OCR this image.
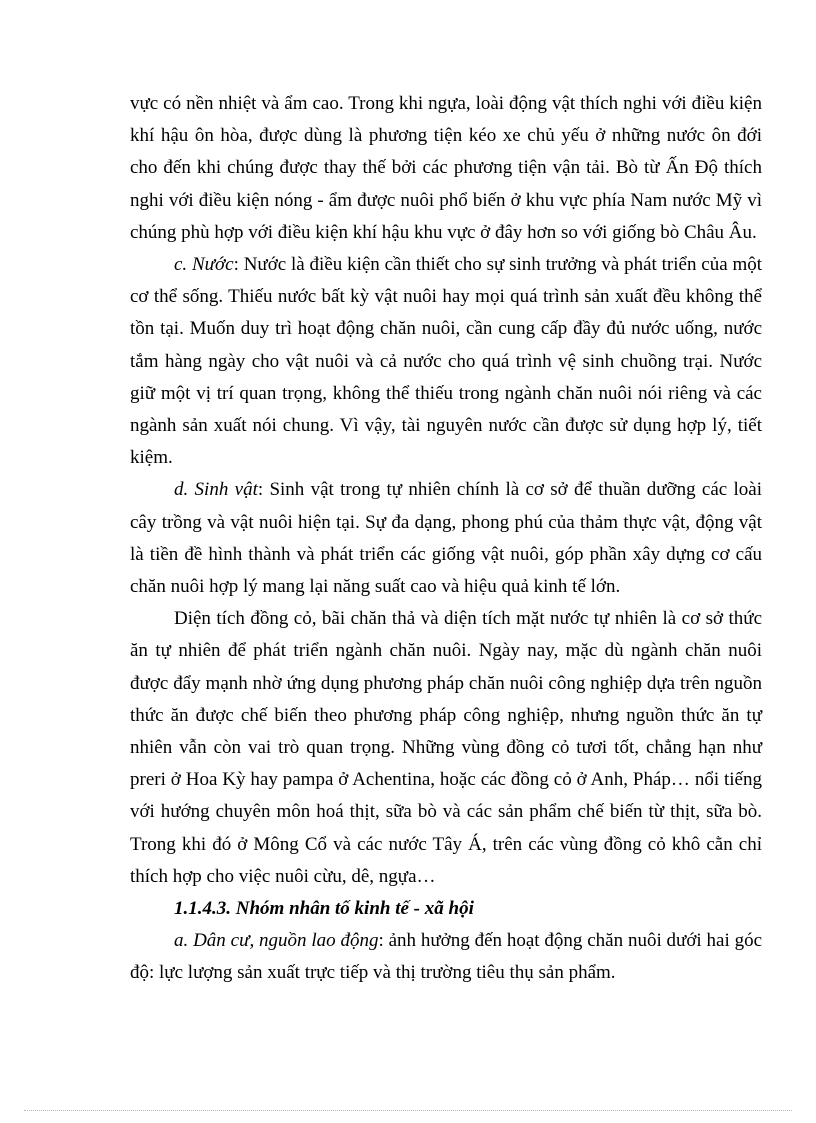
vực có nền nhiệt và ẩm cao. Trong khi ngựa, loài động vật thích nghi với điều kiện khí hậu ôn hòa, được dùng là phương tiện kéo xe chủ yếu ở những nước ôn đới cho đến khi chúng được thay thế bởi các phương tiện vận tải. Bò từ Ấn Độ thích nghi với điều kiện nóng - ẩm được nuôi phổ biến ở khu vực phía Nam nước Mỹ vì chúng phù hợp với điều kiện khí hậu khu vực ở đây hơn so với giống bò Châu Âu.

c. Nước: Nước là điều kiện cần thiết cho sự sinh trưởng và phát triển của một cơ thể sống. Thiếu nước bất kỳ vật nuôi hay mọi quá trình sản xuất đều không thể tồn tại. Muốn duy trì hoạt động chăn nuôi, cần cung cấp đầy đủ nước uống, nước tắm hàng ngày cho vật nuôi và cả nước cho quá trình vệ sinh chuồng trại. Nước giữ một vị trí quan trọng, không thể thiếu trong ngành chăn nuôi nói riêng và các ngành sản xuất nói chung. Vì vậy, tài nguyên nước cần được sử dụng hợp lý, tiết kiệm.

d. Sinh vật: Sinh vật trong tự nhiên chính là cơ sở để thuần dưỡng các loài cây trồng và vật nuôi hiện tại. Sự đa dạng, phong phú của thảm thực vật, động vật là tiền đề hình thành và phát triển các giống vật nuôi, góp phần xây dựng cơ cấu chăn nuôi hợp lý mang lại năng suất cao và hiệu quả kinh tế lớn.

Diện tích đồng cỏ, bãi chăn thả và diện tích mặt nước tự nhiên là cơ sở thức ăn tự nhiên để phát triển ngành chăn nuôi. Ngày nay, mặc dù ngành chăn nuôi được đẩy mạnh nhờ ứng dụng phương pháp chăn nuôi công nghiệp dựa trên nguồn thức ăn được chế biến theo phương pháp công nghiệp, nhưng nguồn thức ăn tự nhiên vẫn còn vai trò quan trọng. Những vùng đồng cỏ tươi tốt, chẳng hạn như preri ở Hoa Kỳ hay pampa ở Achentina, hoặc các đồng cỏ ở Anh, Pháp… nổi tiếng với hướng chuyên môn hoá thịt, sữa bò và các sản phẩm chế biến từ thịt, sữa bò. Trong khi đó ở Mông Cổ và các nước Tây Á, trên các vùng đồng cỏ khô cằn chỉ thích hợp cho việc nuôi cừu, dê, ngựa…

1.1.4.3. Nhóm nhân tố kinh tế - xã hội

a. Dân cư, nguồn lao động: ảnh hưởng đến hoạt động chăn nuôi dưới hai góc độ: lực lượng sản xuất trực tiếp và thị trường tiêu thụ sản phẩm.
